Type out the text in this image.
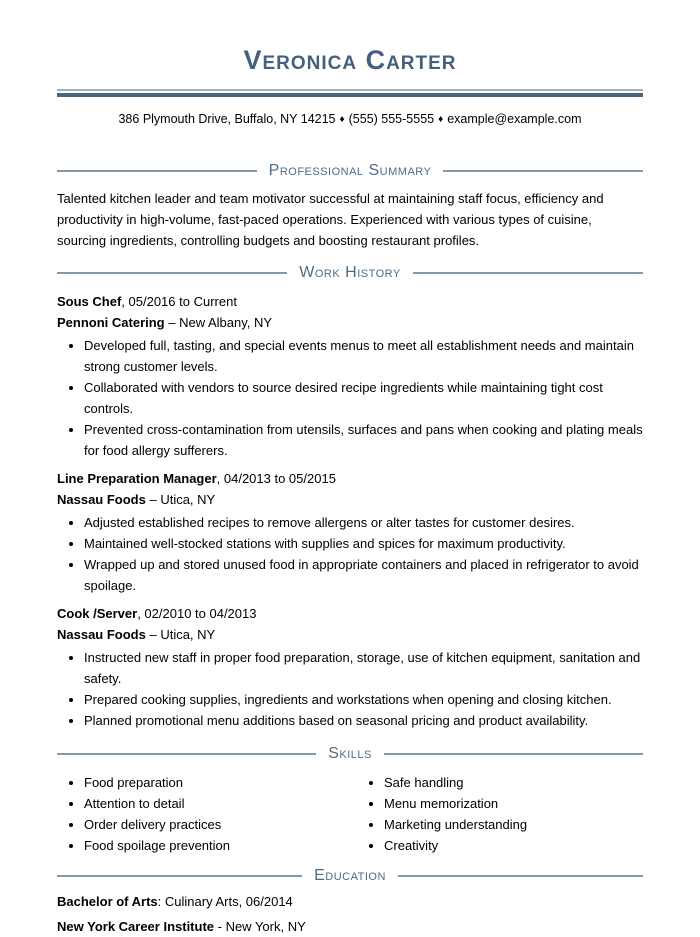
Veronica Carter

386 Plymouth Drive, Buffalo, NY 14215 ♦ (555) 555-5555 ♦ example@example.com

Professional Summary

Talented kitchen leader and team motivator successful at maintaining staff focus, efficiency and productivity in high-volume, fast-paced operations. Experienced with various types of cuisine, sourcing ingredients, controlling budgets and boosting restaurant profiles.

Work History

Sous Chef, 05/2016 to Current

Pennoni Catering – New Albany, NY

• Developed full, tasting, and special events menus to meet all establishment needs and maintain strong customer levels.
• Collaborated with vendors to source desired recipe ingredients while maintaining tight cost controls.
• Prevented cross-contamination from utensils, surfaces and pans when cooking and plating meals for food allergy sufferers.

Line Preparation Manager, 04/2013 to 05/2015

Nassau Foods – Utica, NY

• Adjusted established recipes to remove allergens or alter tastes for customer desires.
• Maintained well-stocked stations with supplies and spices for maximum productivity.
• Wrapped up and stored unused food in appropriate containers and placed in refrigerator to avoid spoilage.

Cook /Server, 02/2010 to 04/2013

Nassau Foods – Utica, NY

• Instructed new staff in proper food preparation, storage, use of kitchen equipment, sanitation and safety.
• Prepared cooking supplies, ingredients and workstations when opening and closing kitchen.
• Planned promotional menu additions based on seasonal pricing and product availability.
Skills
• Food preparation
• Attention to detail
• Order delivery practices
• Food spoilage prevention
• Safe handling
• Menu memorization
• Marketing understanding
• Creativity
Education

Bachelor of Arts: Culinary Arts, 06/2014

New York Career Institute - New York, NY
